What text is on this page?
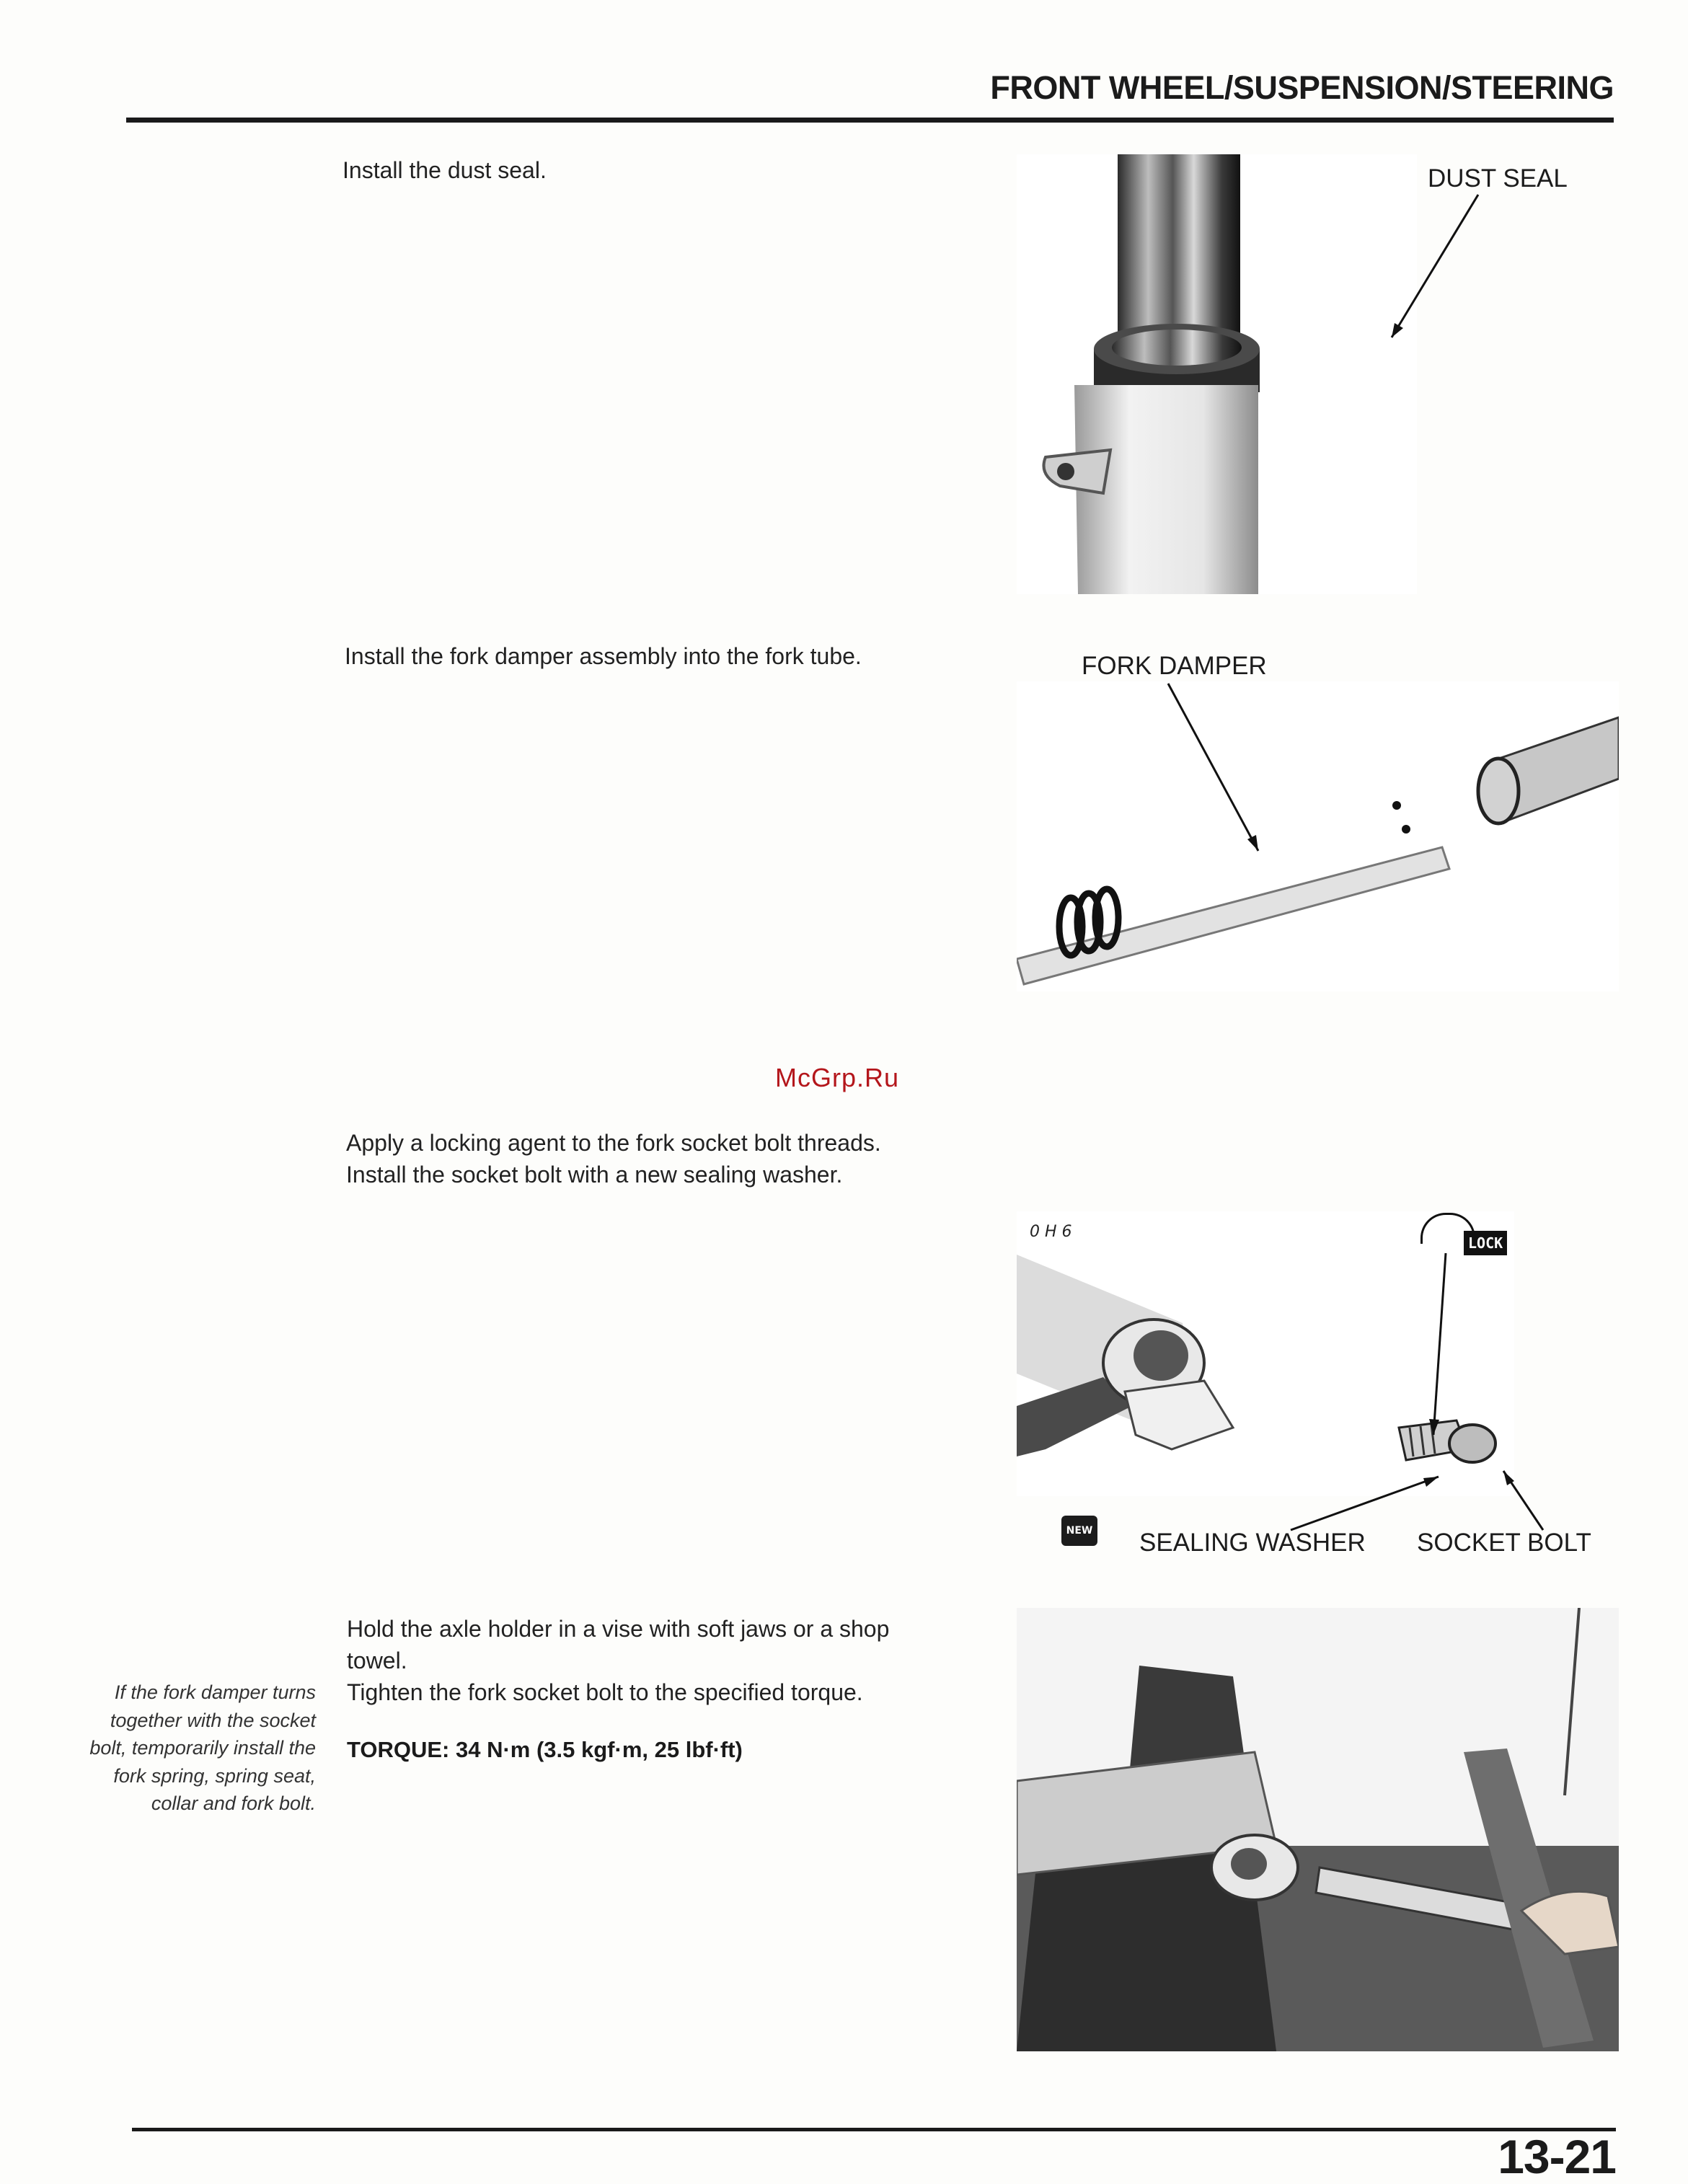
FRONT WHEEL/SUSPENSION/STEERING
Install the dust seal.	DUST SEAL
Install the fork damper assembly into the fork tube.	FORK DAMPER
McGrp.Ru
Apply a locking agent to the fork socket bolt threads.
Install the socket bolt with a new sealing washer.
0 H 6
LOCK
NEW SEALING WASHER SOCKET BOLT
Hold the axle holder in a vise with soft jaws or a shop
towel.
Tighten the fork socket bolt to the specified torque.
TORQUE: 34 N·m (3.5 kgf·m, 25 lbf·ft)
If the fork damper turns together with the socket bolt, temporarily install the fork spring, spring seat, collar and fork bolt.
13-21
